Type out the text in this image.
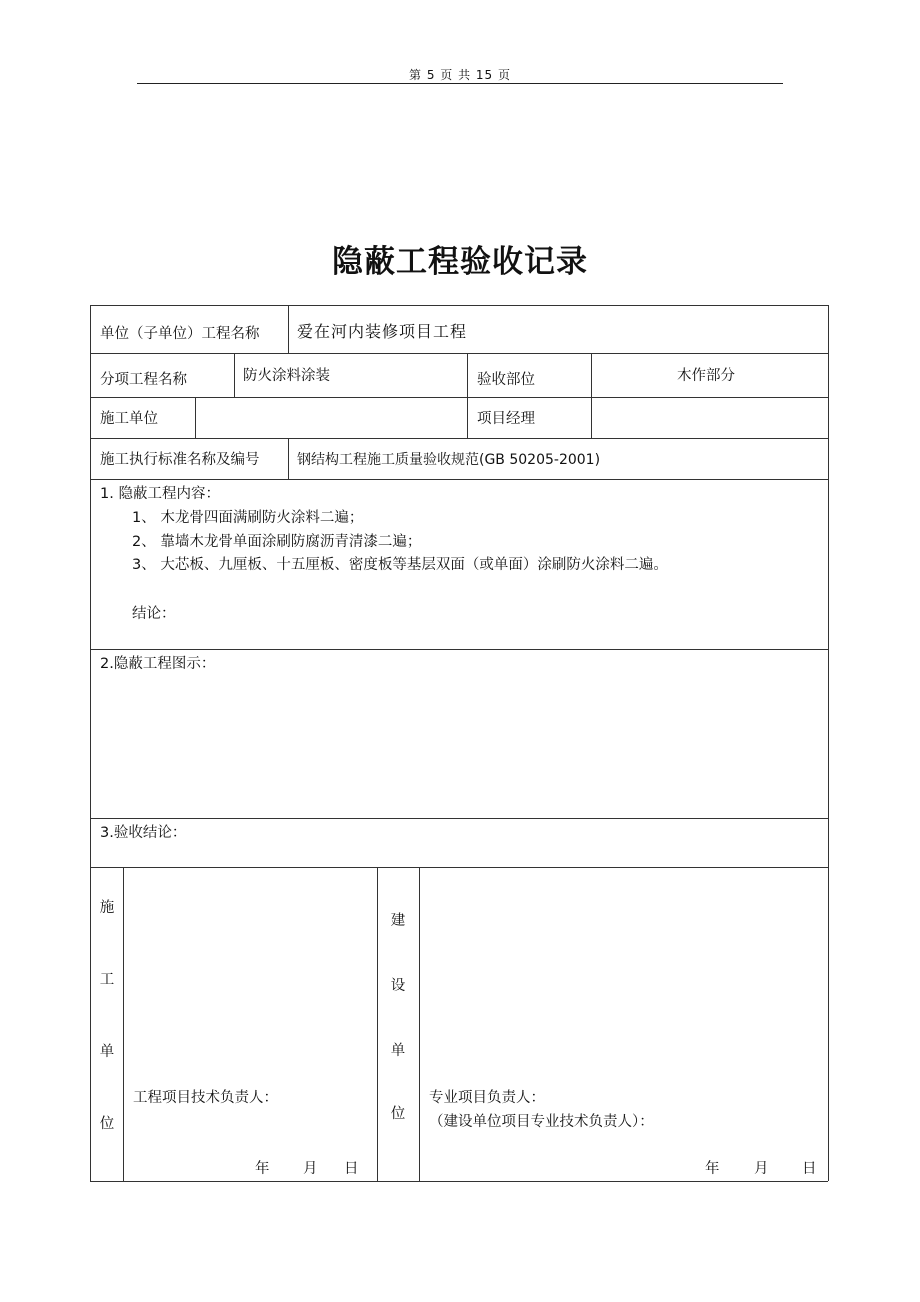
第 5 页 共 15 页
隐蔽工程验收记录
单位（子单位）工程名称 爱在河内装修项目工程
分项工程名称	防火涂料涂装	验收部位	木作部分
施工单位	项目经理
施工执行标准名称及编号	钢结构工程施工质量验收规范(GB 50205-2001)
1. 隐蔽工程内容：
1、 木龙骨四面满刷防火涂料二遍；
2、 靠墙木龙骨单面涂刷防腐沥青清漆二遍；
3、 大芯板、九厘板、十五厘板、密度板等基层双面（或单面）涂刷防火涂料二遍。
结论：
2.隐蔽工程图示：
3.验收结论：
施
工
单
位
工程项目技术负责人：
年 月 日
建
设
单
位
专业项目负责人：
（建设单位项目专业技术负责人）：
年 月 日
